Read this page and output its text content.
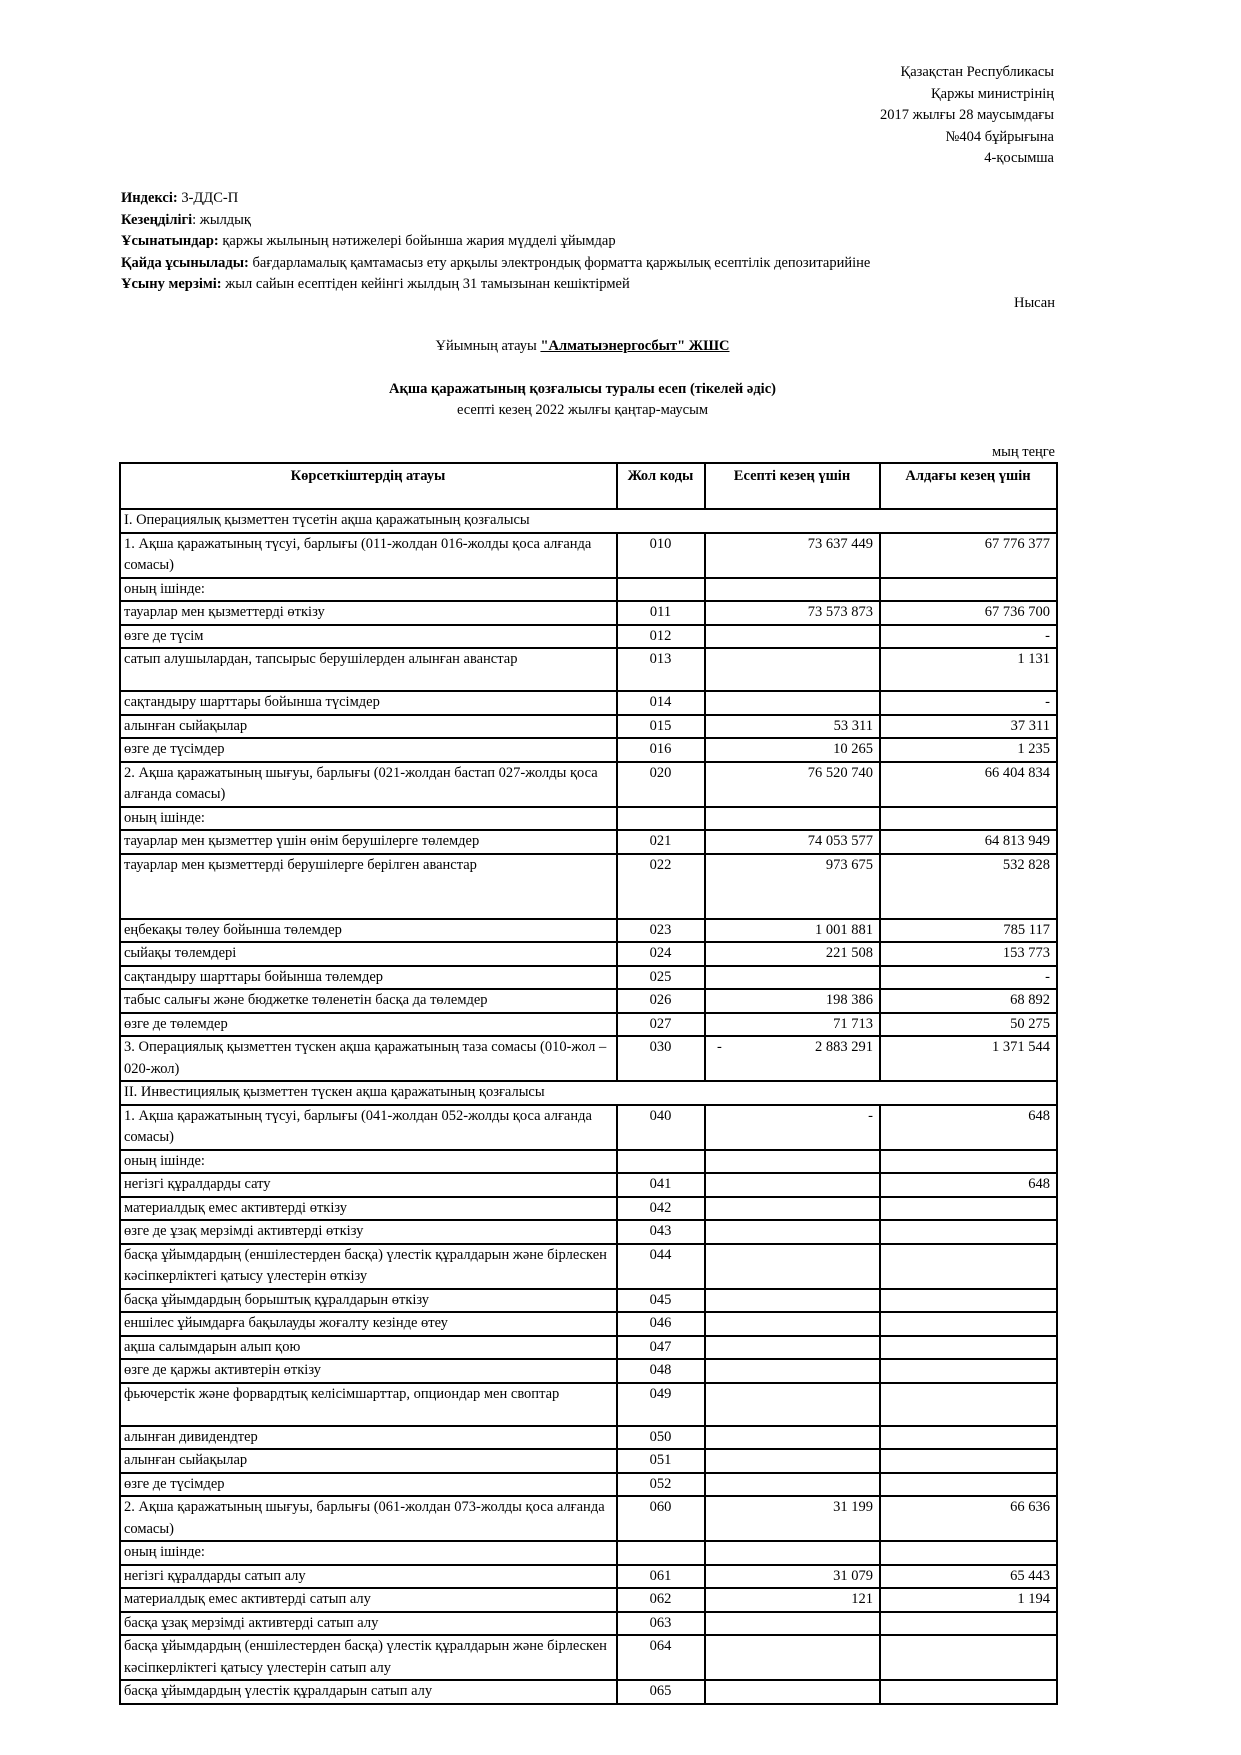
Қазақстан Республикасы
Қаржы министрінің
2017 жылғы 28 маусымдағы
№404 бұйрығына
4-қосымша
Индексі: 3-ДДС-П
Кезеңділігі: жылдық
Ұсынатындар: қаржы жылының нәтижелері бойынша жария мүдделі ұйымдар
Қайда ұсынылады: бағдарламалық қамтамасыз ету арқылы электрондық форматта қаржылық есептілік депозитарийіне
Ұсыну мерзімі: жыл сайын есептіден кейінгі жылдың 31 тамызынан кешіктірмей
Нысан
Ұйымның атауы "Алматыэнергосбыт" ЖШС
Ақша қаражатының қозғалысы туралы есеп (тікелей әдіс)
есепті кезең 2022 жылғы қаңтар-маусым
мың теңге
Көрсеткіштердің атауы	Жол коды	Есепті кезең үшін	Алдағы кезең үшін
I. Операциялық қызметтен түсетін ақша қаражатының қозғалысы			
1. Ақша қаражатының түсуі, барлығы (011-жолдан 016-жолды қоса алғанда сомасы)	010	73 637 449	67 776 377
оның ішінде:			
тауарлар мен қызметтерді өткізу	011	73 573 873	67 736 700
өзге де түсім	012		-
сатып алушылардан, тапсырыс берушілерден алынған аванстар	013		1 131
сақтандыру шарттары бойынша түсімдер	014		-
алынған сыйақылар	015	53 311	37 311
өзге де түсімдер	016	10 265	1 235
2. Ақша қаражатының шығуы, барлығы (021-жолдан бастап 027-жолды қоса алғанда сомасы)	020	76 520 740	66 404 834
оның ішінде:			
тауарлар мен қызметтер үшін өнім берушілерге төлемдер	021	74 053 577	64 813 949
тауарлар мен қызметтерді берушілерге берілген аванстар	022	973 675	532 828
еңбекақы төлеу бойынша төлемдер	023	1 001 881	785 117
сыйақы төлемдері	024	221 508	153 773
сақтандыру шарттары бойынша төлемдер	025		-
табыс салығы және бюджетке төленетін басқа да төлемдер	026	198 386	68 892
өзге де төлемдер	027	71 713	50 275
3. Операциялық қызметтен түскен ақша қаражатының таза сомасы (010-жол – 020-жол)	030	- 2 883 291	1 371 544
II. Инвестициялық қызметтен түскен ақша қаражатының қозғалысы			
1. Ақша қаражатының түсуі, барлығы (041-жолдан 052-жолды қоса алғанда сомасы)	040	-	648
оның ішінде:			
негізгі құралдарды сату	041		648
материалдық емес активтерді өткізу	042		
өзге де ұзақ мерзімді активтерді өткізу	043		
басқа ұйымдардың (еншілестерден басқа) үлестік құралдарын және бірлескен кәсіпкерліктегі қатысу үлестерін өткізу	044		
басқа ұйымдардың борыштық құралдарын өткізу	045		
еншілес ұйымдарға бақылауды жоғалту кезінде өтеу	046		
ақша салымдарын алып қою	047		
өзге де қаржы активтерін өткізу	048		
фьючерстік және форвардтық келісімшарттар, опциондар мен своптар	049		
алынған дивидендтер	050		
алынған сыйақылар	051		
өзге де түсімдер	052		
2. Ақша қаражатының шығуы, барлығы (061-жолдан 073-жолды қоса алғанда сомасы)	060	31 199	66 636
оның ішінде:			
негізгі құралдарды сатып алу	061	31 079	65 443
материалдық емес активтерді сатып алу	062	121	1 194
басқа ұзақ мерзімді активтерді сатып алу	063		
басқа ұйымдардың (еншілестерден басқа) үлестік құралдарын және бірлескен кәсіпкерліктегі қатысу үлестерін сатып алу	064		
басқа ұйымдардың үлестік құралдарын сатып алу	065		
